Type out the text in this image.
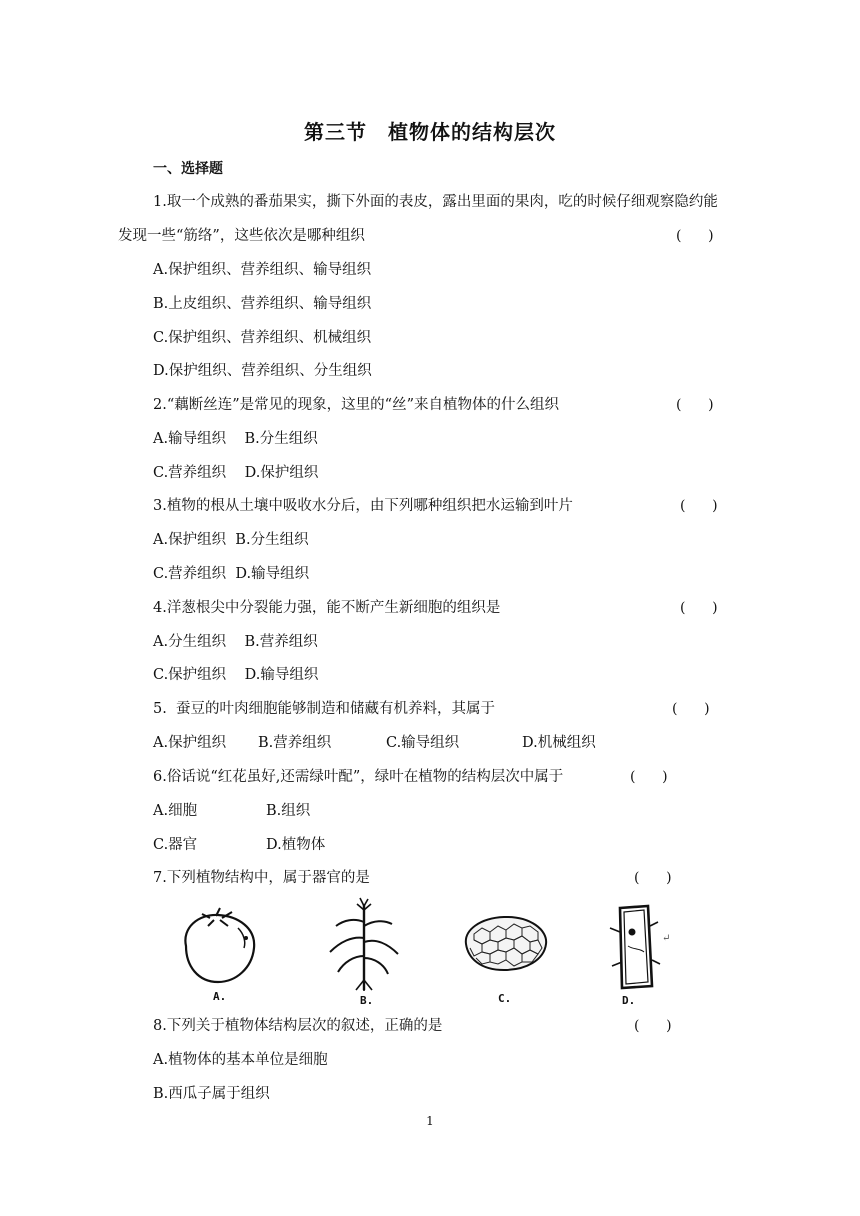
第三节　植物体的结构层次
一、选择题
1.取一个成熟的番茄果实，撕下外面的表皮，露出里面的果肉，吃的时候仔细观察隐约能
发现一些“筋络”，这些依次是哪种组织	(      )
A.保护组织、营养组织、输导组织
B.上皮组织、营养组织、输导组织
C.保护组织、营养组织、机械组织
D.保护组织、营养组织、分生组织
2.“藕断丝连”是常见的现象，这里的“丝”来自植物体的什么组织	(      )
A.输导组织    B.分生组织
C.营养组织    D.保护组织
3.植物的根从土壤中吸收水分后，由下列哪种组织把水运输到叶片	(      )
A.保护组织  B.分生组织
C.营养组织  D.输导组织
4.洋葱根尖中分裂能力强，能不断产生新细胞的组织是	(      )
A.分生组织    B.营养组织
C.保护组织    D.输导组织
5.  蚕豆的叶肉细胞能够制造和储藏有机养料，其属于	(      )
A.保护组织 B.营养组织	C.输导组织	D.机械组织
6.俗话说“红花虽好,还需绿叶配”，绿叶在植物的结构层次中属于	(      )
A.细胞	B.组织
C.器官	D.植物体
7.下列植物结构中，属于器官的是	(      )
A.	B.	C.
↵
D.
8.下列关于植物体结构层次的叙述，正确的是	(      )
A.植物体的基本单位是细胞
B.西瓜子属于组织
1
